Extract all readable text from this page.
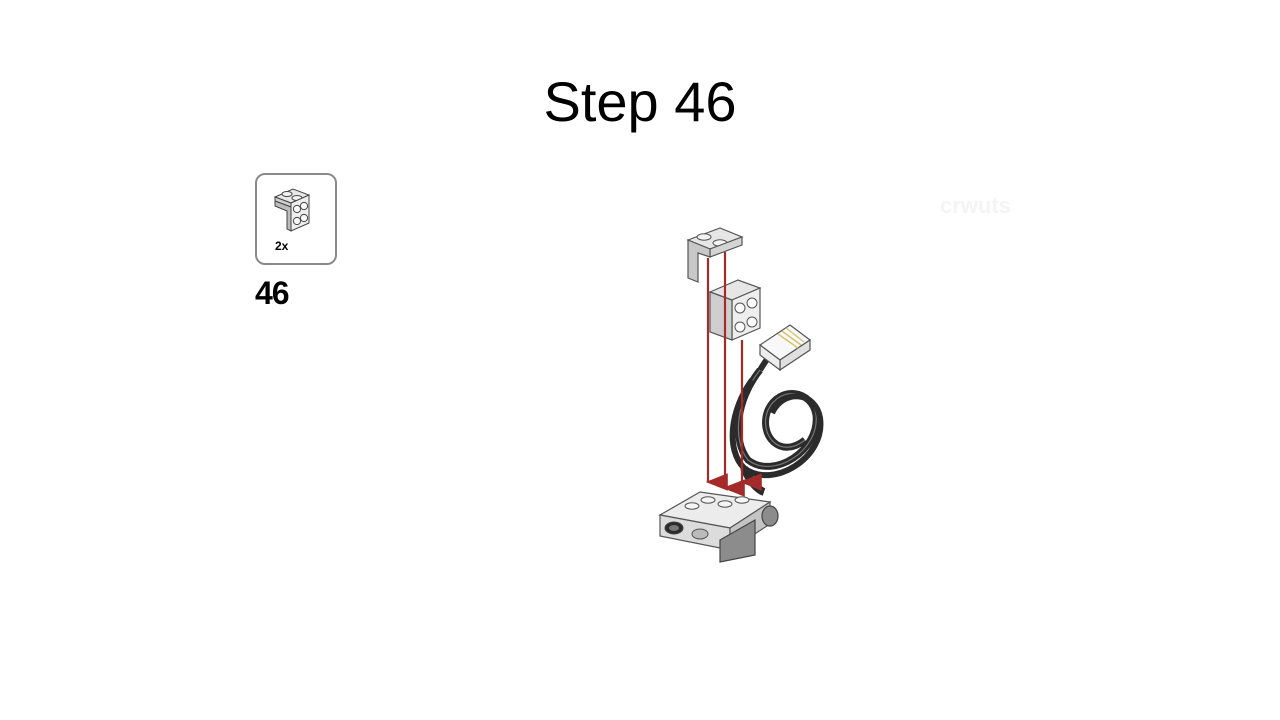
Step 46
2x
46
crwuts
